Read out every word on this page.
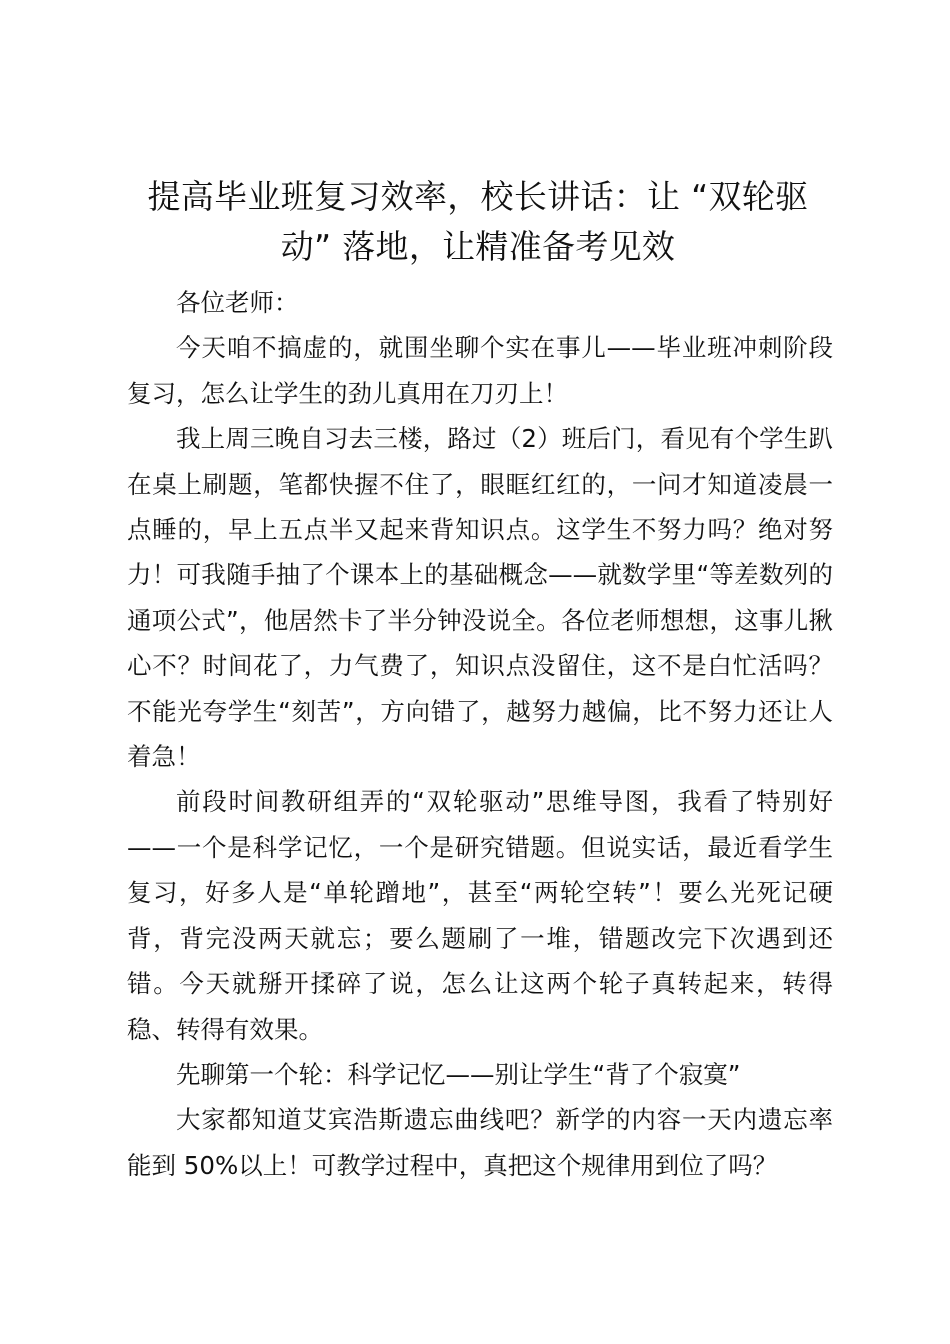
提高毕业班复习效率，校长讲话：让 “双轮驱动” 落地，让精准备考见效

各位老师：

今天咱不搞虚的，就围坐聊个实在事儿——毕业班冲刺阶段复习，怎么让学生的劲儿真用在刀刃上！

我上周三晚自习去三楼，路过（2）班后门，看见有个学生趴在桌上刷题，笔都快握不住了，眼眶红红的，一问才知道凌晨一点睡的，早上五点半又起来背知识点。这学生不努力吗？绝对努力！可我随手抽了个课本上的基础概念——就数学里“等差数列的通项公式”，他居然卡了半分钟没说全。各位老师想想，这事儿揪心不？时间花了，力气费了，知识点没留住，这不是白忙活吗？不能光夸学生“刻苦”，方向错了，越努力越偏，比不努力还让人着急！

前段时间教研组弄的“双轮驱动”思维导图，我看了特别好——一个是科学记忆，一个是研究错题。但说实话，最近看学生复习，好多人是“单轮蹭地”，甚至“两轮空转”！要么光死记硬背，背完没两天就忘；要么题刷了一堆，错题改完下次遇到还错。今天就掰开揉碎了说，怎么让这两个轮子真转起来，转得稳、转得有效果。

先聊第一个轮：科学记忆——别让学生“背了个寂寞”

大家都知道艾宾浩斯遗忘曲线吧？新学的内容一天内遗忘率能到 50%以上！可教学过程中，真把这个规律用到位了吗？
